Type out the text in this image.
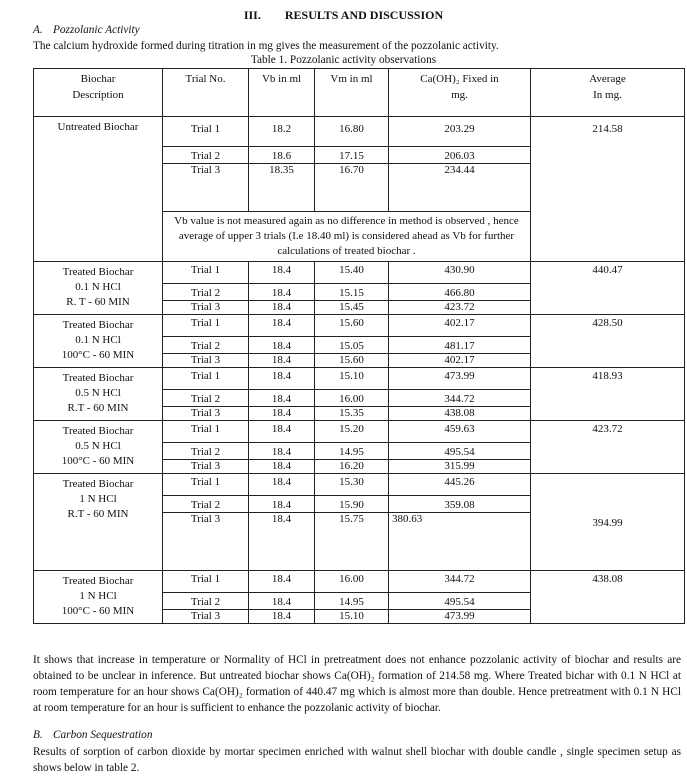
III. RESULTS AND DISCUSSION
A. Pozzolanic Activity
The calcium hydroxide formed during titration in mg gives the measurement of the pozzolanic activity.
Table 1. Pozzolanic activity observations
Biochar
Description	Trial No.	Vb in ml	Vm in ml	Ca(OH)₂ Fixed in
mg.	Average
In mg.

Untreated Biochar	Trial 1	18.2	16.80	203.29	214.58
	Trial 2	18.6	17.15	206.03	
	Trial 3	18.35	16.70	234.44	
	Vb value is not measured again as no difference in method is observed , hence average of upper 3 trials (I.e 18.40 ml) is considered ahead as Vb for further calculations of treated biochar .				

Treated Biochar
0.1 N HCl
R. T - 60 MIN	Trial 1	18.4	15.40	430.90	440.47
	Trial 2	18.4	15.15	466.80	
	Trial 3	18.4	15.45	423.72	

Treated Biochar
0.1 N HCl
100°C - 60 MIN	Trial 1	18.4	15.60	402.17	428.50
	Trial 2	18.4	15.05	481.17	
	Trial 3	18.4	15.60	402.17	

Treated Biochar
0.5 N HCl
R.T - 60 MIN	Trial 1	18.4	15.10	473.99	418.93
	Trial 2	18.4	16.00	344.72	
	Trial 3	18.4	15.35	438.08	

Treated Biochar
0.5 N HCl
100°C - 60 MIN	Trial 1	18.4	15.20	459.63	423.72
	Trial 2	18.4	14.95	495.54	
	Trial 3	18.4	16.20	315.99	

Treated Biochar
1 N HCl
R.T - 60 MIN	Trial 1	18.4	15.30	445.26	394.99
	Trial 2	18.4	15.90	359.08	
	Trial 3	18.4	15.75	380.63	

Treated Biochar
1 N HCl
100°C - 60 MIN	Trial 1	18.4	16.00	344.72	438.08
	Trial 2	18.4	14.95	495.54	
	Trial 3	18.4	15.10	473.99	
It shows that increase in temperature or Normality of HCl in pretreatment does not enhance pozzolanic activity of biochar and results are obtained to be unclear in inference. But untreated biochar shows Ca(OH)₂ formation of 214.58 mg. Where Treated bichar with 0.1 N HCl at room temperature for an hour shows Ca(OH)₂ formation of 440.47 mg which is almost more than double. Hence pretreatment with 0.1 N HCl at room temperature for an hour is sufficient to enhance the pozzolanic activity of biochar.
B. Carbon Sequestration
Results of sorption of carbon dioxide by mortar specimen enriched with walnut shell biochar with double candle , single specimen setup as shows below in table 2.
